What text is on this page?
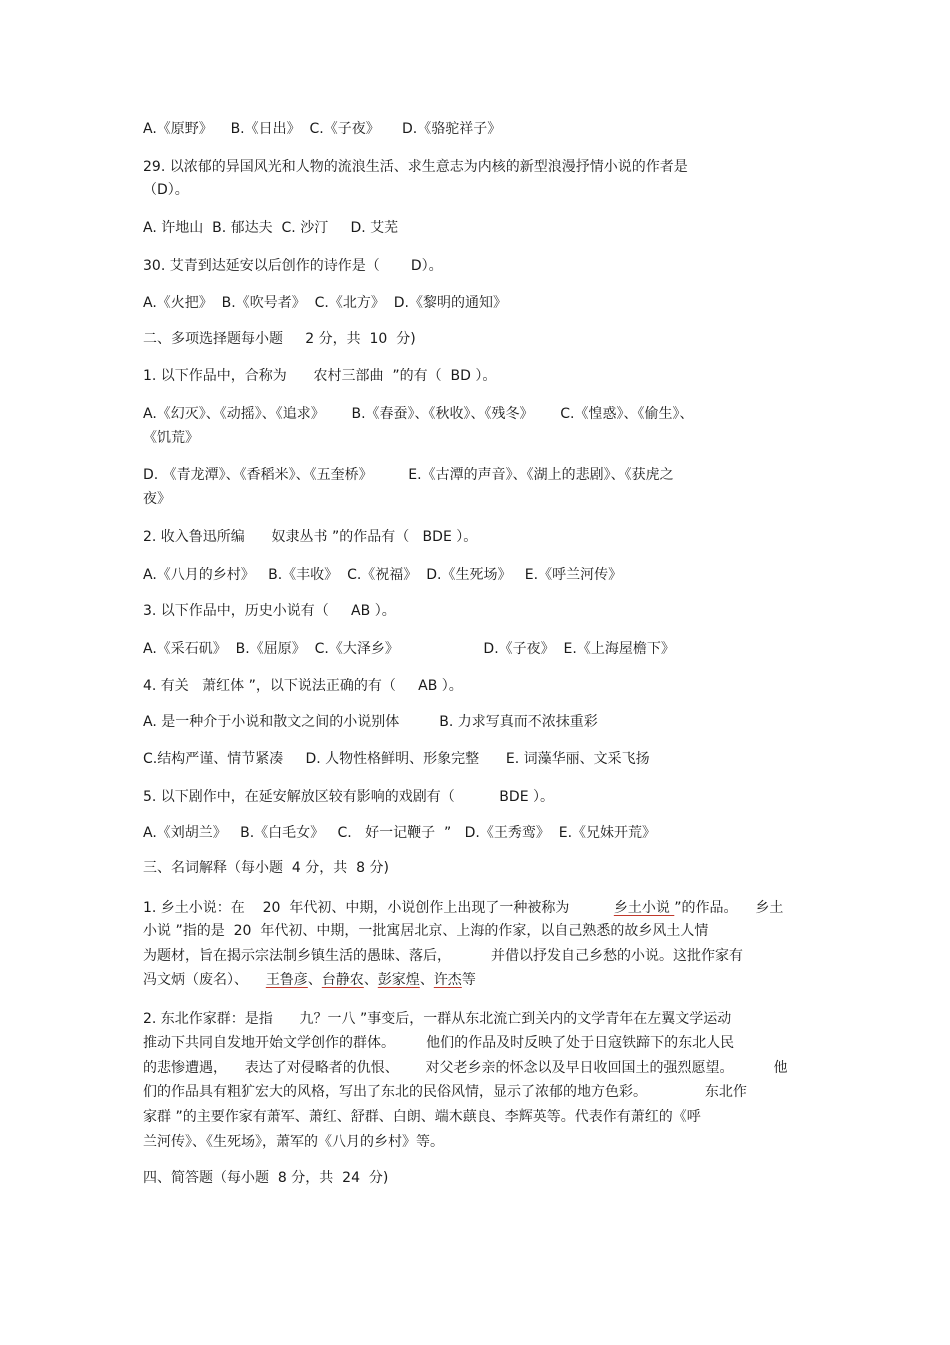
A.《原野》    B.《日出》  C.《子夜》     D.《骆驼祥子》
29. 以浓郁的异国风光和人物的流浪生活、求生意志为内核的新型浪漫抒情小说的作者是
（D）。
A. 许地山  B. 郁达夫  C. 沙汀     D. 艾芜
30. 艾青到达延安以后创作的诗作是（       D）。
A.《火把》  B.《吹号者》  C.《北方》  D.《黎明的通知》
二、多项选择题每小题     2 分，共  10  分)
1. 以下作品中，合称为      农村三部曲  ”的有（  BD ）。
A.《幻灭》、《动摇》、《追求》      B.《春蚕》、《秋收》、《残冬》      C.《惶惑》、《偷生》、
《饥荒》
D. 《青龙潭》、《香稻米》、《五奎桥》        E.《古潭的声音》、《湖上的悲剧》、《获虎之
夜》
2. 收入鲁迅所编      奴隶丛书 ”的作品有（   BDE ）。
A.《八月的乡村》   B.《丰收》  C.《祝福》  D.《生死场》   E.《呼兰河传》
3. 以下作品中，历史小说有（     AB ）。
A.《采石矶》  B.《屈原》  C.《大泽乡》                   D.《子夜》  E.《上海屋檐下》
4. 有关   萧红体 ”，以下说法正确的有（     AB ）。
A. 是一种介于小说和散文之间的小说别体         B. 力求写真而不浓抹重彩
C.结构严谨、情节紧凑     D. 人物性格鲜明、形象完整      E. 词藻华丽、文采飞扬
5. 以下剧作中，在延安解放区较有影响的戏剧有（          BDE ）。
A.《刘胡兰》   B.《白毛女》   C.   好一记鞭子  ”   D.《王秀鸾》  E.《兄妹开荒》
三、名词解释（每小题  4 分，共  8 分)
1. 乡土小说：在    20  年代初、中期，小说创作上出现了一种被称为          乡土小说 ”的作品。    乡土
小说 ”指的是  20  年代初、中期，一批寓居北京、上海的作家，以自己熟悉的故乡风土人情
为题材，旨在揭示宗法制乡镇生活的愚昧、落后，         并借以抒发自己乡愁的小说。这批作家有
冯文炳（废名）、    王鲁彦、台静农、彭家煌、许杰等
2. 东北作家群：是指      九？一八 ”事变后，一群从东北流亡到关内的文学青年在左翼文学运动
推动下共同自发地开始文学创作的群体。       他们的作品及时反映了处于日寇铁蹄下的东北人民
的悲惨遭遇，    表达了对侵略者的仇恨、      对父老乡亲的怀念以及早日收回国土的强烈愿望。         他
们的作品具有粗犷宏大的风格，写出了东北的民俗风情，显示了浓郁的地方色彩。             东北作
家群 ”的主要作家有萧军、萧红、舒群、白朗、端木蕻良、李辉英等。代表作有萧红的《呼
兰河传》、《生死场》，萧军的《八月的乡村》等。
四、简答题（每小题  8 分，共  24  分)
